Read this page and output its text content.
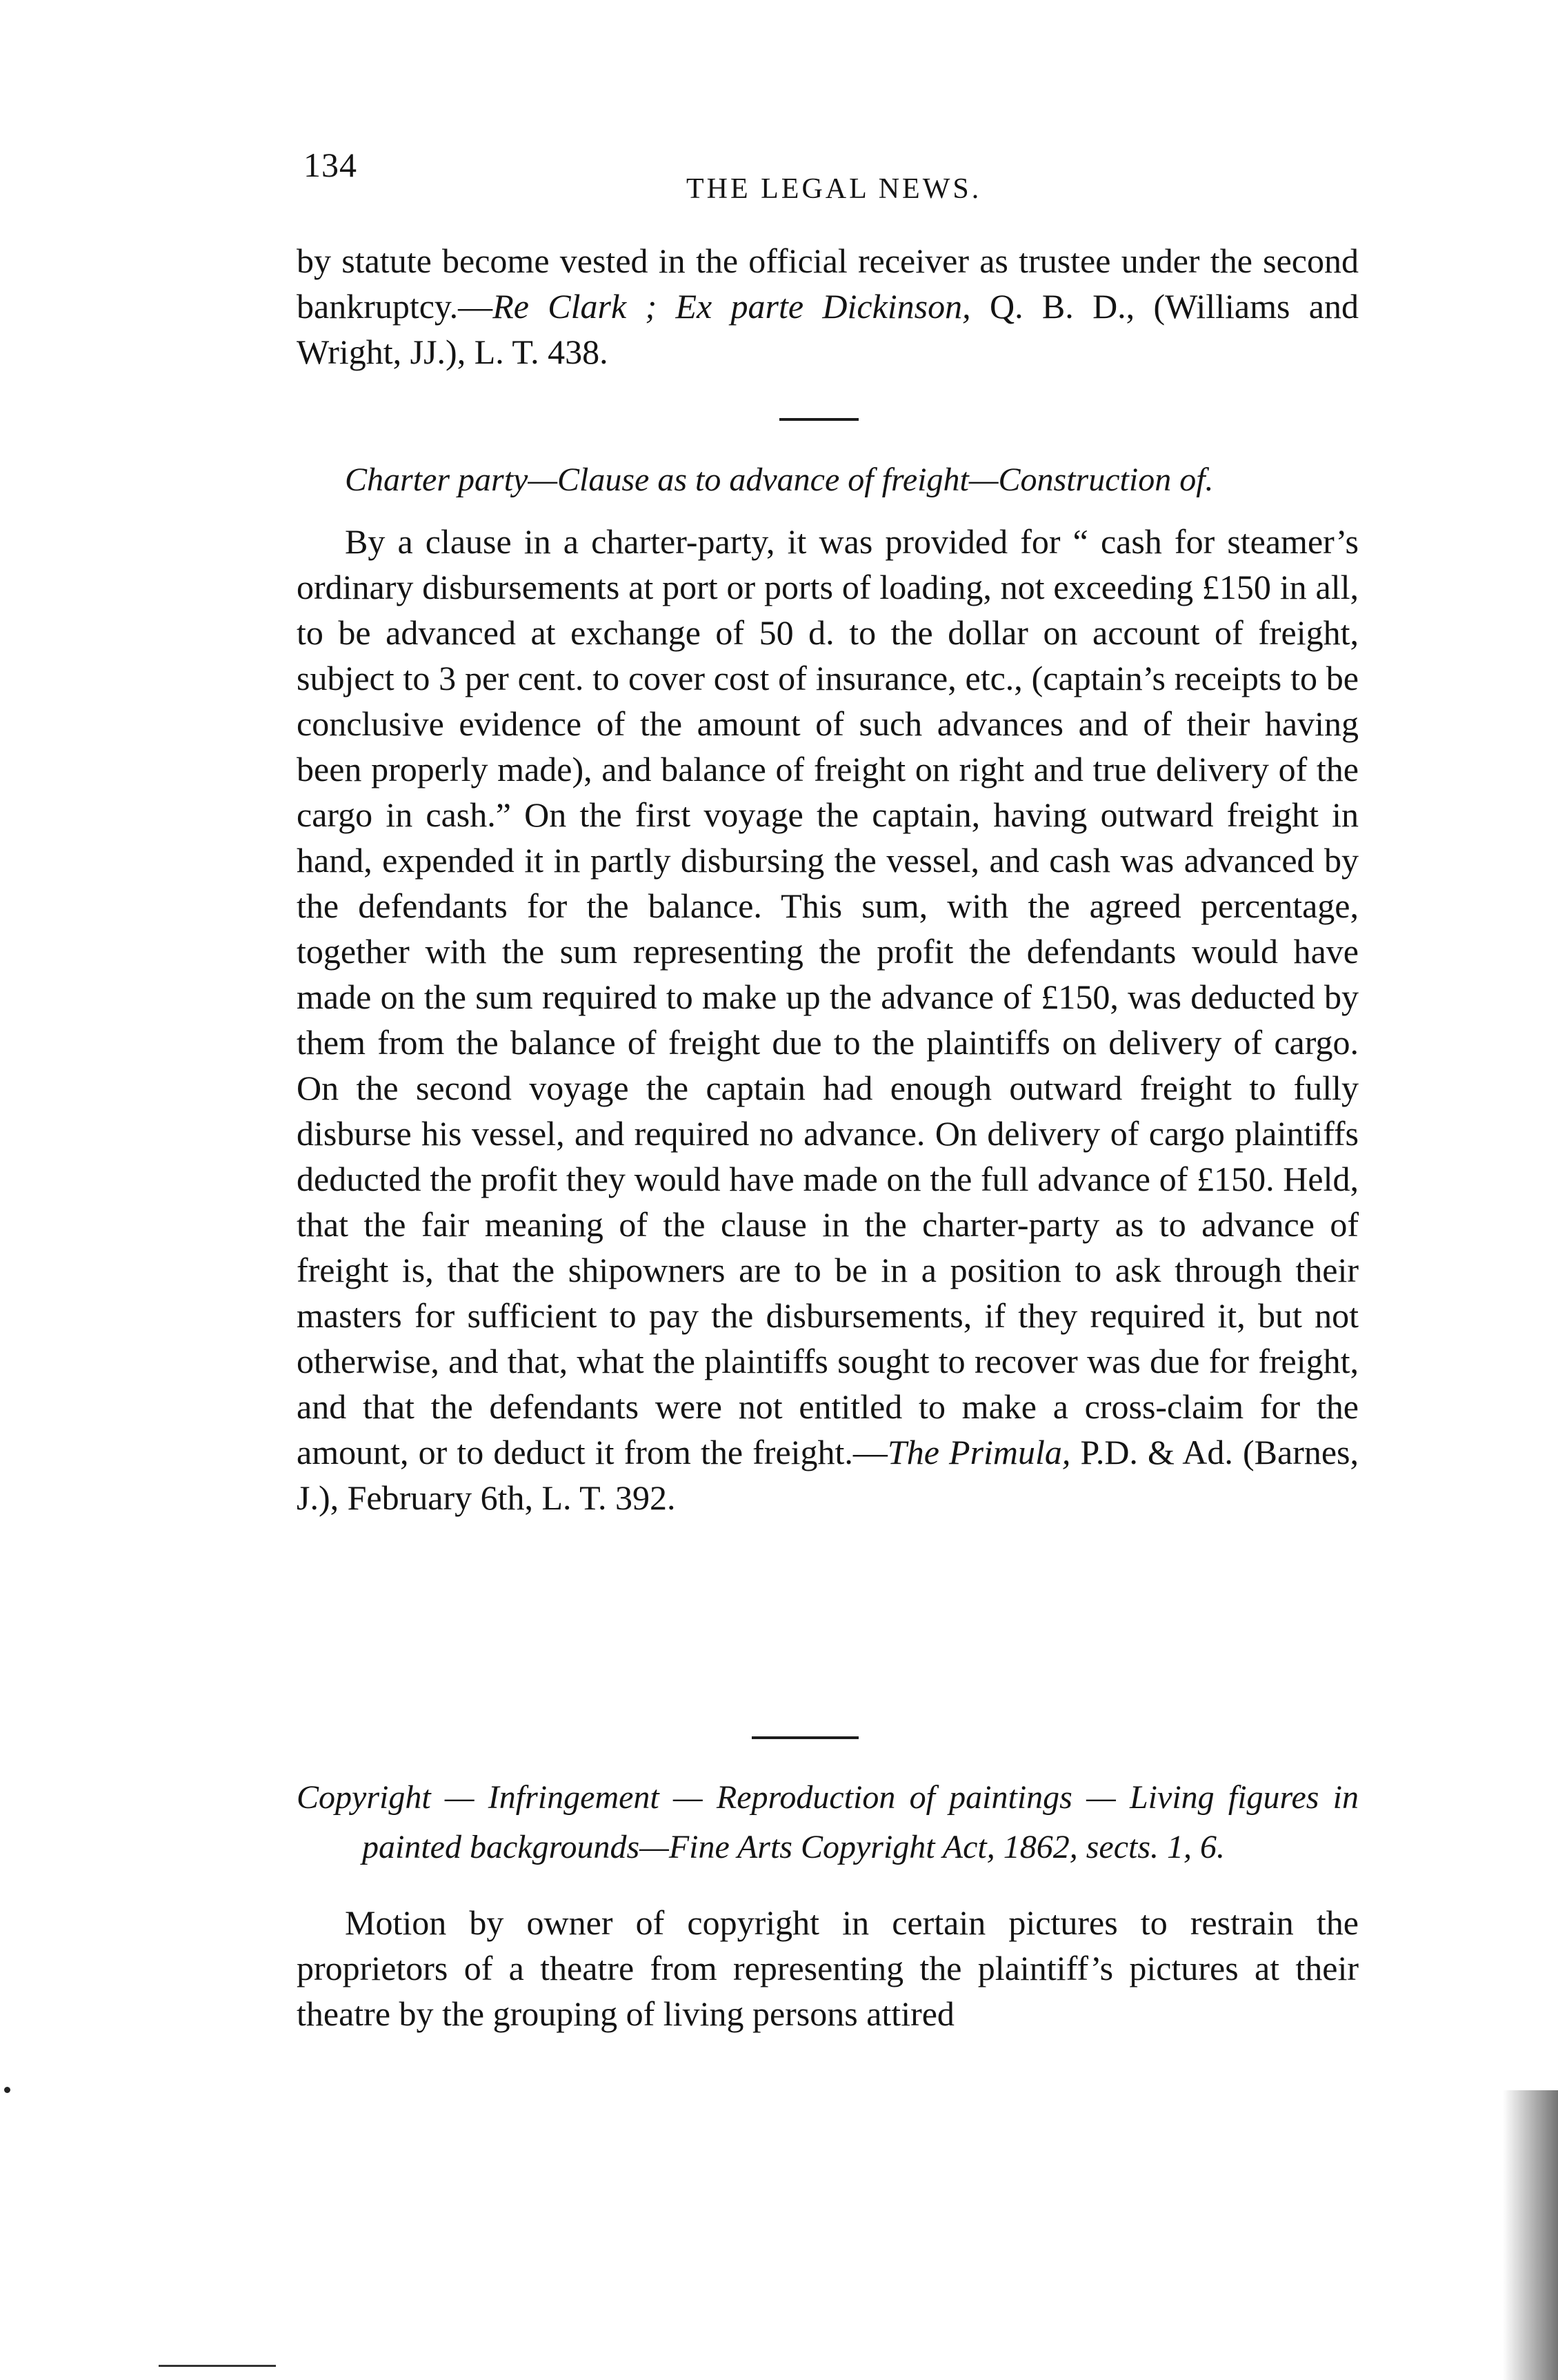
134
THE LEGAL NEWS.

by statute become vested in the official receiver as trustee under the second bankruptcy.—Re Clark ; Ex parte Dickinson, Q. B. D., (Williams and Wright, JJ.), L. T. 438.

Charter party—Clause as to advance of freight—Construction of.

By a clause in a charter-party, it was provided for “ cash for steamer’s ordinary disbursements at port or ports of loading, not exceeding £150 in all, to be advanced at exchange of 50 d. to the dollar on account of freight, subject to 3 per cent. to cover cost of insurance, etc., (captain’s receipts to be conclusive evidence of the amount of such advances and of their having been properly made), and balance of freight on right and true delivery of the cargo in cash.” On the first voyage the captain, having outward freight in hand, expended it in partly disbursing the vessel, and cash was advanced by the defendants for the balance. This sum, with the agreed percentage, together with the sum representing the profit the defendants would have made on the sum required to make up the advance of £150, was deducted by them from the balance of freight due to the plaintiffs on delivery of cargo. On the second voyage the captain had enough outward freight to fully disburse his vessel, and required no advance. On delivery of cargo plaintiffs deducted the profit they would have made on the full advance of £150. Held, that the fair meaning of the clause in the charter-party as to advance of freight is, that the shipowners are to be in a position to ask through their masters for sufficient to pay the disbursements, if they required it, but not otherwise, and that, what the plaintiffs sought to recover was due for freight, and that the defendants were not entitled to make a cross-claim for the amount, or to deduct it from the freight.—The Primula, P.D. & Ad. (Barnes, J.), February 6th, L. T. 392.

Copyright — Infringement — Reproduction of paintings — Living figures in painted backgrounds—Fine Arts Copyright Act, 1862, sects. 1, 6.

Motion by owner of copyright in certain pictures to restrain the proprietors of a theatre from representing the plaintiff’s pictures at their theatre by the grouping of living persons attired
